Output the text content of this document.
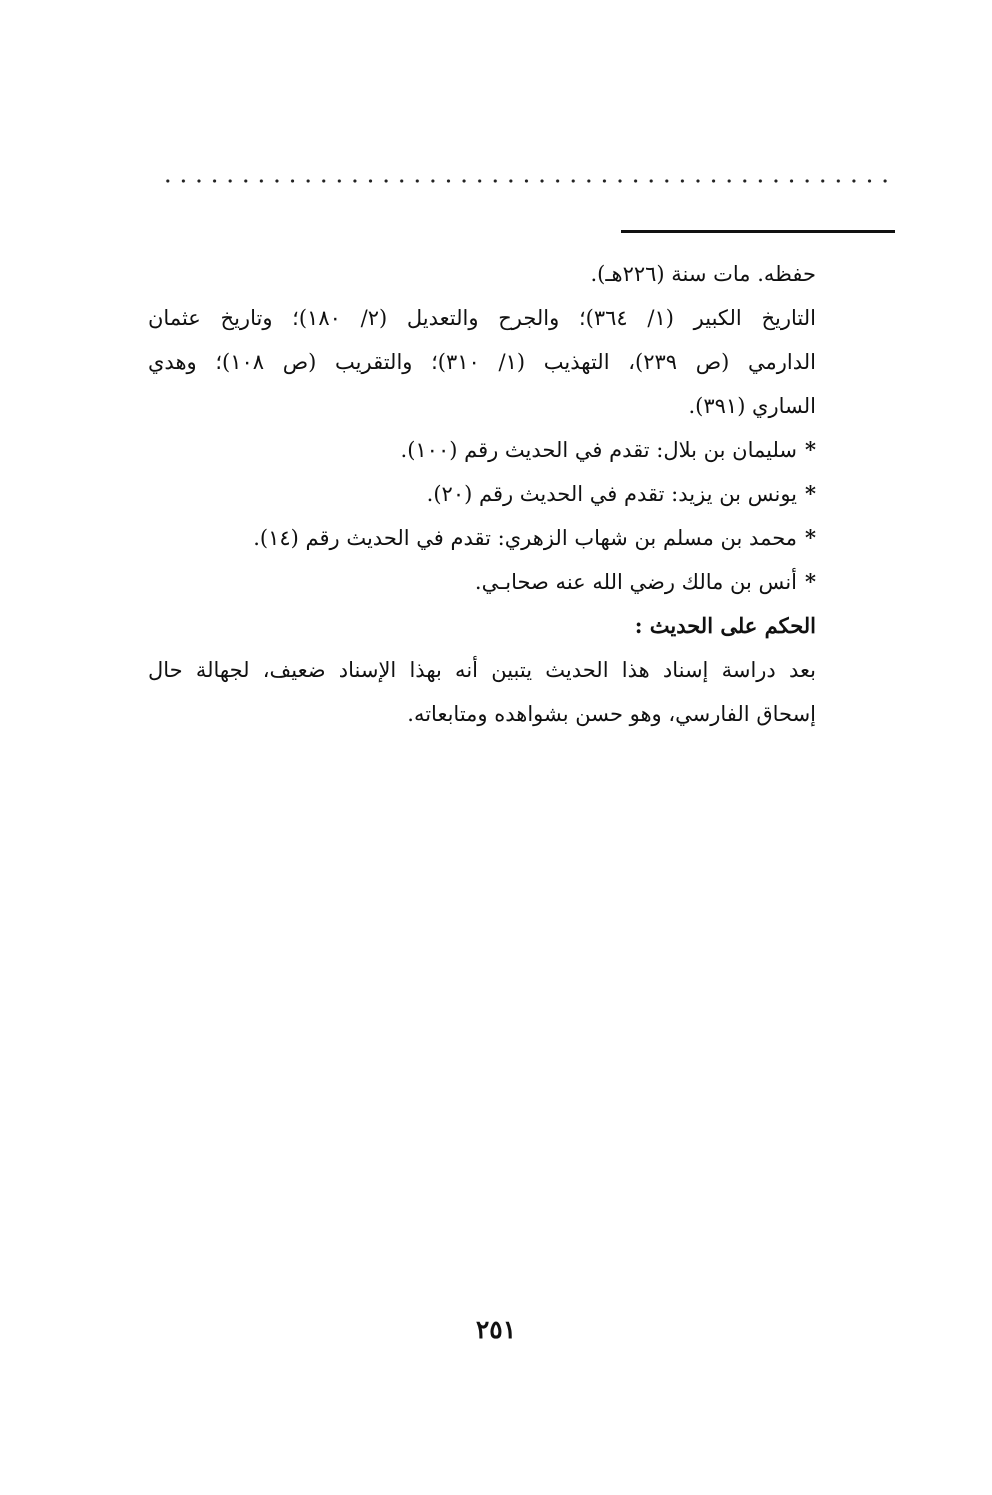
حفظه. مات سنة (٢٢٦هـ).
التاريخ الكبير (١/ ٣٦٤)؛ والجرح والتعديل (٢/ ١٨٠)؛ وتاريخ عثمان
الدارمي (ص ٢٣٩)، التهذيب (١/ ٣١٠)؛ والتقريب (ص ١٠٨)؛ وهدي
الساري (٣٩١).
*سليمان بن بلال: تقدم في الحديث رقم (١٠٠).
*يونس بن يزيد: تقدم في الحديث رقم (٢٠).
*محمد بن مسلم بن شهاب الزهري: تقدم في الحديث رقم (١٤).
*أنس بن مالك رضي الله عنه صحابـي.
الحكم على الحديث :
بعد دراسة إسناد هذا الحديث يتبين أنه بهذا الإسناد ضعيف، لجهالة حال
إسحاق الفارسي، وهو حسن بشواهده ومتابعاته.
٢٥١
